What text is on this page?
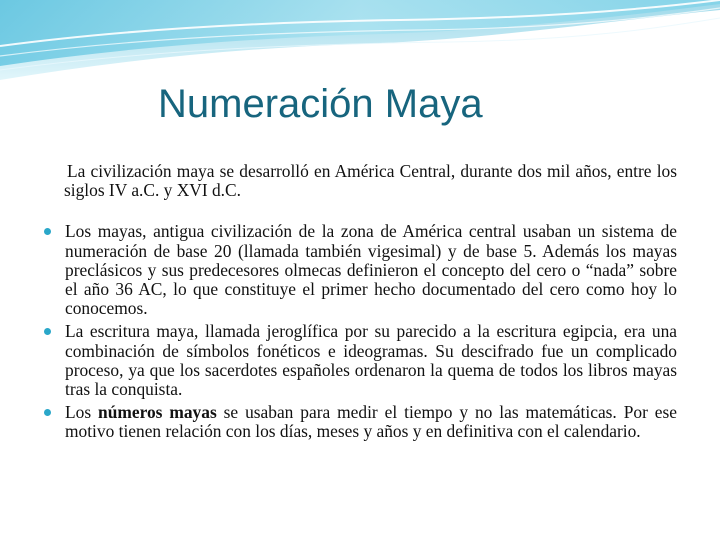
Numeración Maya

La civilización maya se desarrolló en América Central, durante dos mil años, entre los siglos IV a.C. y XVI d.C.

Los mayas, antigua civilización de la zona de América central usaban un sistema de numeración de base 20 (llamada también vigesimal) y de base 5. Además los mayas preclásicos y sus predecesores olmecas definieron el concepto del cero o “nada” sobre el año 36 AC, lo que constituye el primer hecho documentado del cero como hoy lo conocemos.
La escritura maya, llamada jeroglífica por su parecido a la escritura egipcia, era una combinación de símbolos fonéticos e ideogramas. Su descifrado fue un complicado proceso, ya que los sacerdotes españoles ordenaron la quema de todos los libros mayas tras la conquista.
Los números mayas se usaban para medir el tiempo y no las matemáticas. Por ese motivo tienen relación con los días, meses y años y en definitiva con el calendario.
